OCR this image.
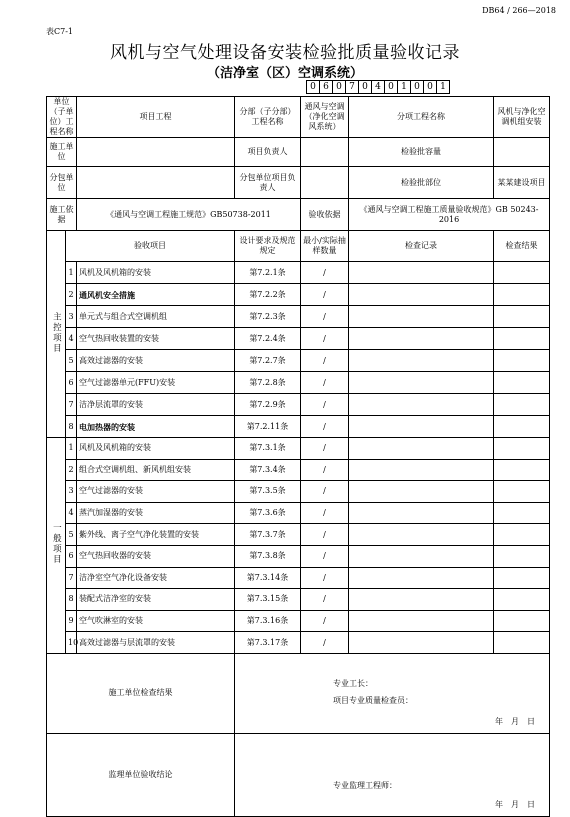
DB64 / 266—2018
表C7-1
风机与空气处理设备安装检验批质量验收记录
（洁净室（区）空调系统）
0 6 0 7 0 4 0 1 0 0 1
单位（子单位）工程名称		项目工程	分部（子分部）工程名称	通风与空调（净化空调风系统）	分项工程名称	风机与净化空调机组安装
施工单位			项目负责人		检验批容量	
分包单位			分包单位项目负责人		检验批部位	某某建设项目
施工依据		《通风与空调工程施工规范》GB50738-2011		验收依据	《通风与空调工程施工质量验收规范》GB 50243-2016	
主控项目	验收项目		设计要求及规范规定	最小/实际抽样数量	检查记录	检查结果
	1	风机及风机箱的安装	第7.2.1条	/		
	2	通风机安全措施	第7.2.2条	/		
	3	单元式与组合式空调机组	第7.2.3条	/		
	4	空气热回收装置的安装	第7.2.4条	/		
	5	高效过滤器的安装	第7.2.7条	/		
	6	空气过滤器单元(FFU)安装	第7.2.8条	/		
	7	洁净层流罩的安装	第7.2.9条	/		
	8	电加热器的安装	第7.2.11条	/		
一般项目	1	风机及风机箱的安装	第7.3.1条	/		
	2	组合式空调机组、新风机组安装	第7.3.4条	/		
	3	空气过滤器的安装	第7.3.5条	/		
	4	蒸汽加湿器的安装	第7.3.6条	/		
	5	紫外线、离子空气净化装置的安装	第7.3.7条	/		
	6	空气热回收器的安装	第7.3.8条	/		
	7	洁净室空气净化设备安装	第7.3.14条	/		
	8	装配式洁净室的安装	第7.3.15条	/		
	9	空气吹淋室的安装	第7.3.16条	/		
	10	高效过滤器与层流罩的安装	第7.3.17条	/		
施工单位检查结果			专业工长：
项目专业质量检查员：
年　月　日			

监理单位验收结论			专业监理工程师：
年　月　日			
